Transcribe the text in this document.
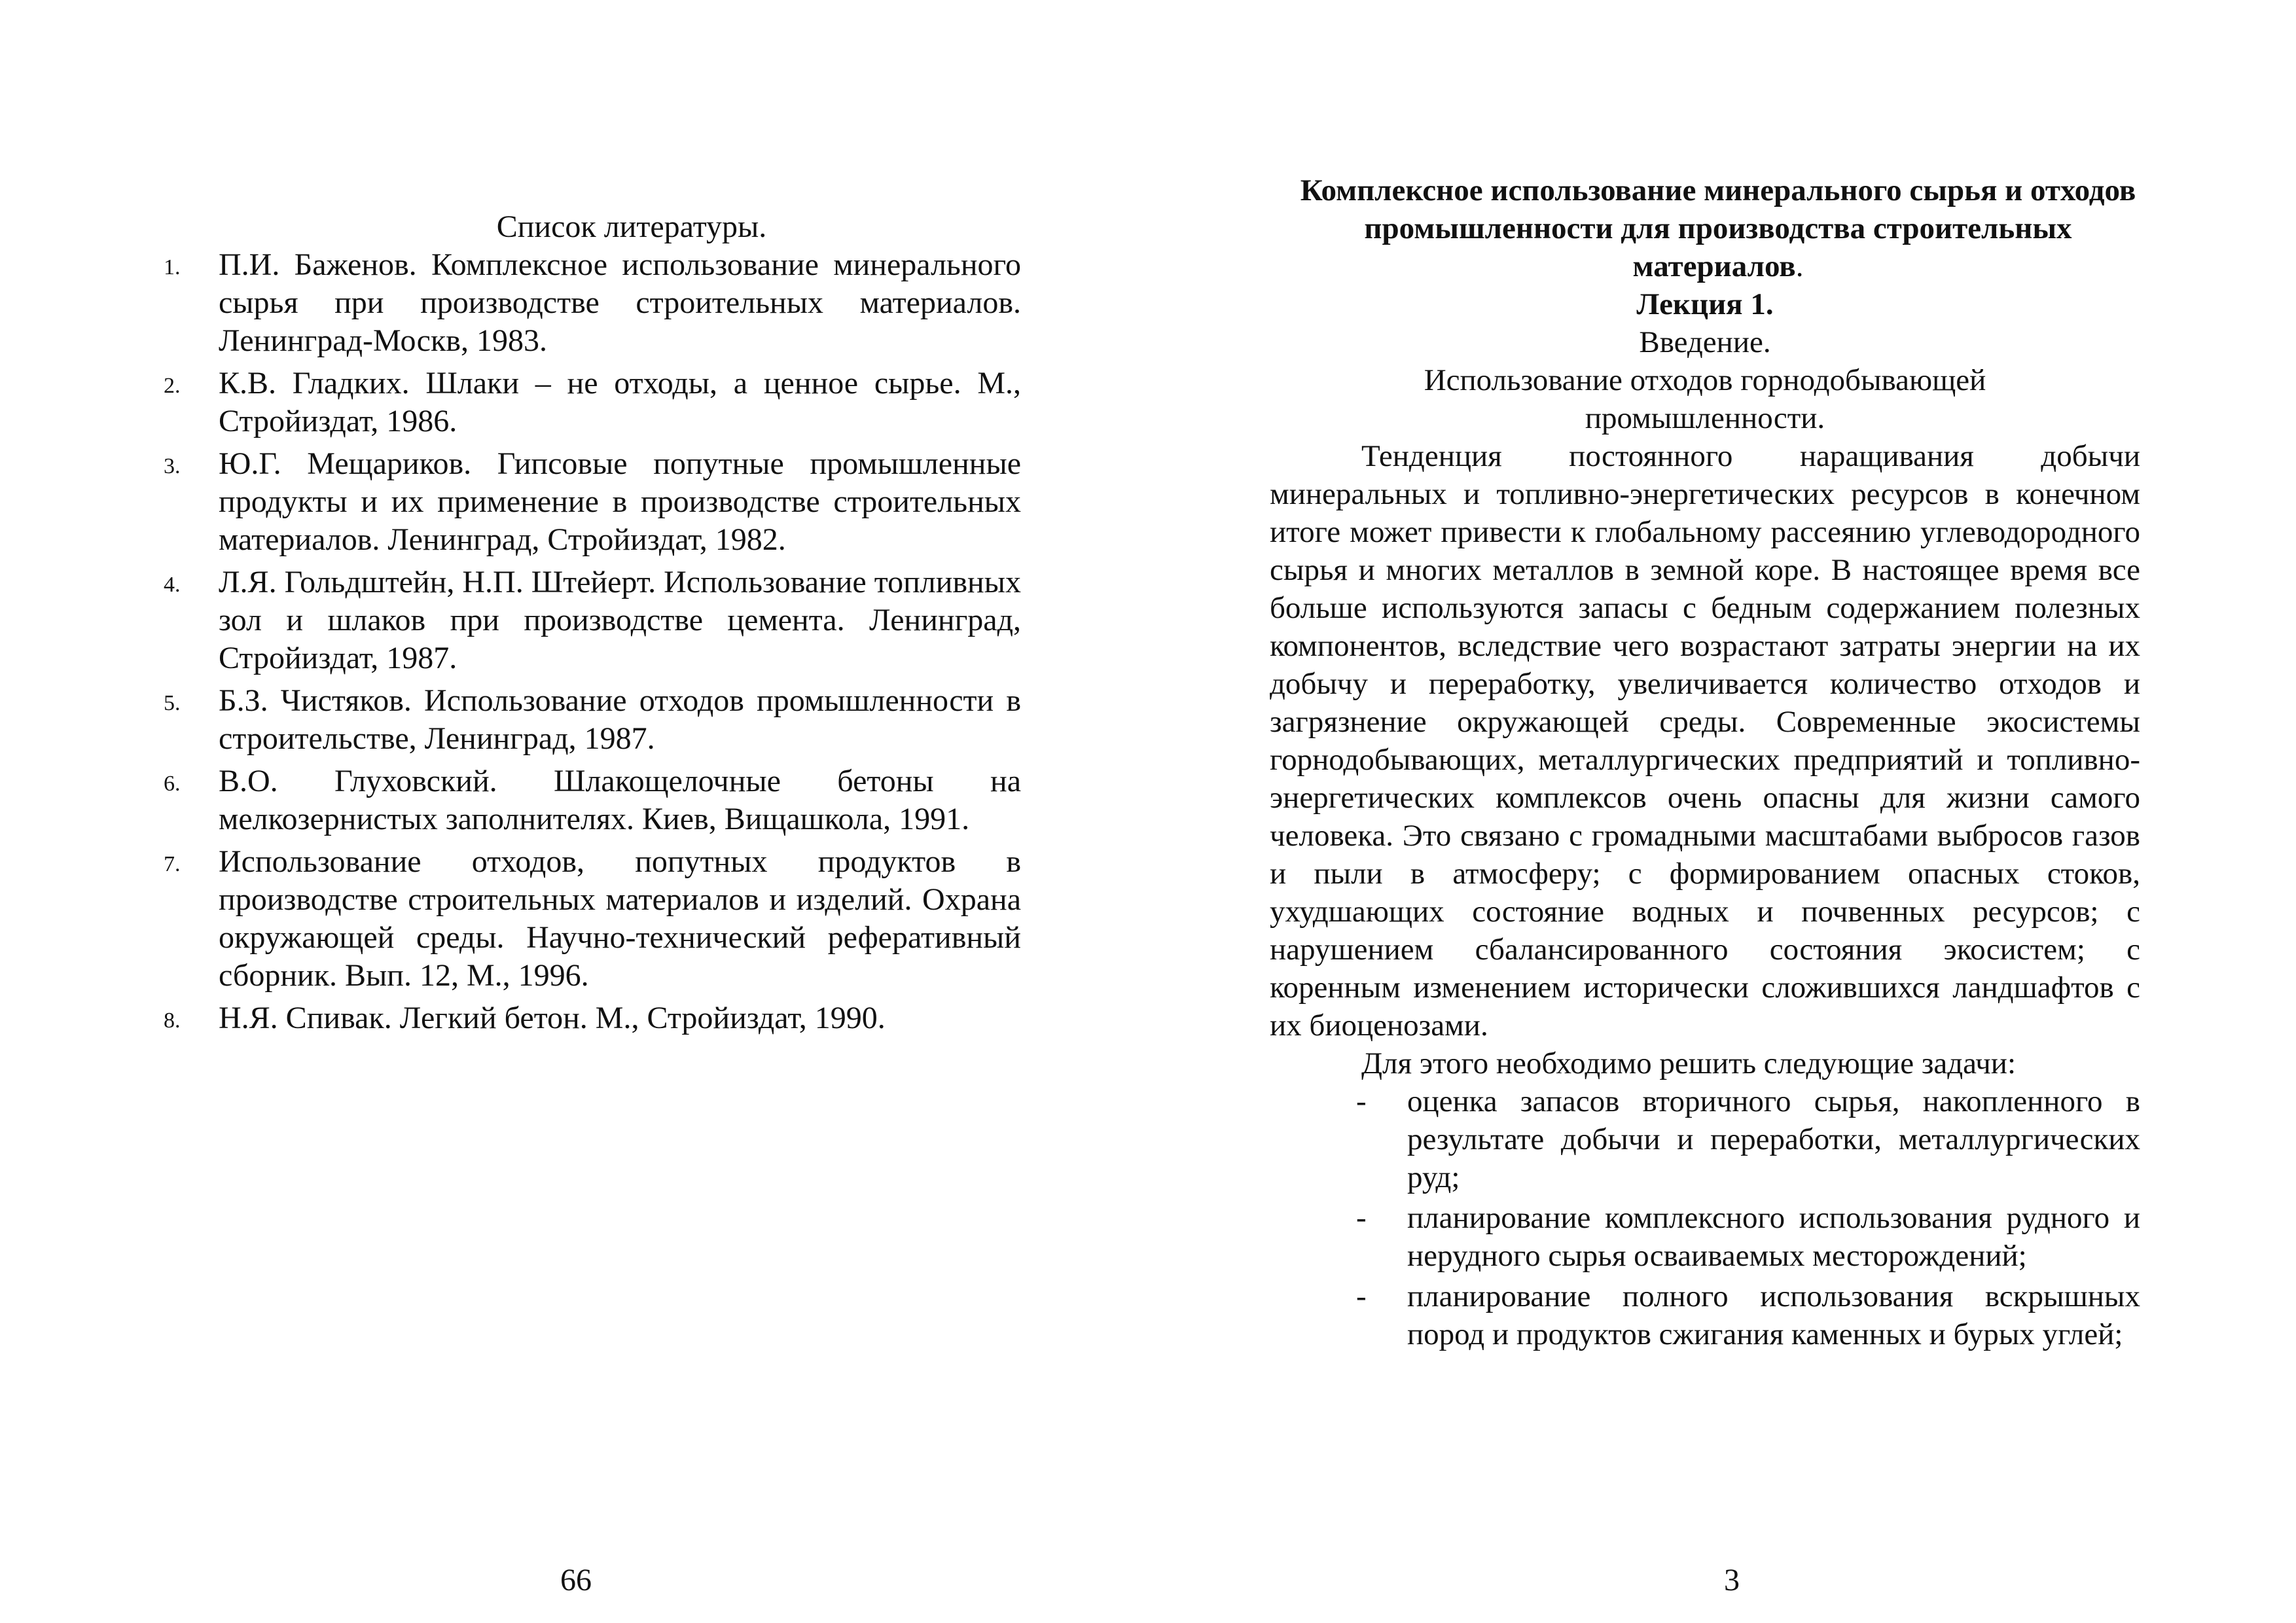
Список литературы.
1. П.И. Баженов. Комплексное использование минерального сырья при производстве строительных материалов. Ленинград-Москв, 1983.
2. К.В. Гладких. Шлаки – не отходы, а ценное сырье. М., Стройиздат, 1986.
3. Ю.Г. Мещариков. Гипсовые попутные промышленные продукты и их применение в производстве строительных материалов. Ленинград, Стройиздат, 1982.
4. Л.Я. Гольдштейн, Н.П. Штейерт. Использование топливных зол и шлаков при производстве цемента. Ленинград, Стройиздат, 1987.
5. Б.З. Чистяков. Использование отходов промышленности в строительстве, Ленинград, 1987.
6. В.О. Глуховский. Шлакощелочные бетоны на мелкозернистых заполнителях. Киев, Вищашкола, 1991.
7. Использование отходов, попутных продуктов в производстве строительных материалов и изделий. Охрана окружающей среды. Научно-технический реферативный сборник. Вып. 12, М., 1996.
8. Н.Я. Спивак. Легкий бетон. М., Стройиздат, 1990.
66
Комплексное использование минерального сырья и отходов промышленности для производства строительных материалов.
Лекция 1.
Введение.
Использование отходов горнодобывающей промышленности.

Тенденция постоянного наращивания добычи минеральных и топливно-энергетических ресурсов в конечном итоге может привести к глобальному рассеянию углеводородного сырья и многих металлов в земной коре. В настоящее время все больше используются запасы с бедным содержанием полезных компонентов, вследствие чего возрастают затраты энергии на их добычу и переработку, увеличивается количество отходов и загрязнение окружающей среды. Современные экосистемы горнодобывающих, металлургических предприятий и топливно-энергетических комплексов очень опасны для жизни самого человека. Это связано с громадными масштабами выбросов газов и пыли в атмосферу; с формированием опасных стоков, ухудшающих состояние водных и почвенных ресурсов; с нарушением сбалансированного состояния экосистем; с коренным изменением исторически сложившихся ландшафтов с их биоценозами.

Для этого необходимо решить следующие задачи:

- оценка запасов вторичного сырья, накопленного в результате добычи и переработки, металлургических руд;
- планирование комплексного использования рудного и нерудного сырья осваиваемых месторождений;
- планирование полного использования вскрышных пород и продуктов сжигания каменных и бурых углей;
3
